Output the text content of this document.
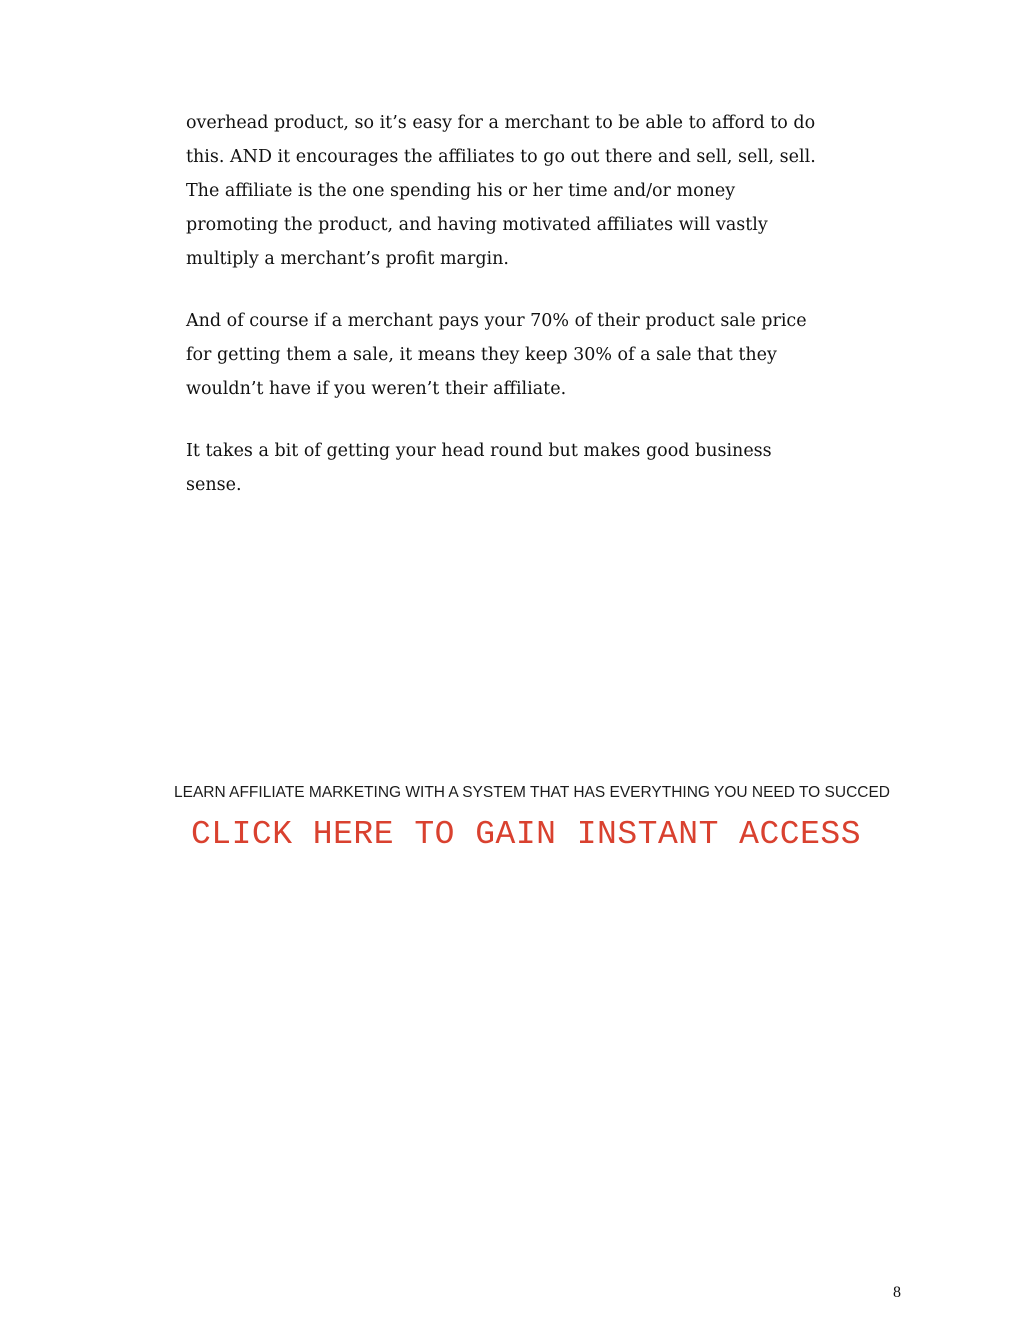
overhead product, so it’s easy for a merchant to be able to afford to do
this. AND it encourages the affiliates to go out there and sell, sell, sell.
The affiliate is the one spending his or her time and/or money
promoting the product, and having motivated affiliates will vastly
multiply a merchant’s profit margin.

And of course if a merchant pays your 70% of their product sale price
for getting them a sale, it means they keep 30% of a sale that they
wouldn’t have if you weren’t their affiliate.

It takes a bit of getting your head round but makes good business
sense.

LEARN AFFILIATE MARKETING WITH A SYSTEM THAT HAS EVERYTHING YOU NEED TO SUCCED
CLICK HERE TO GAIN INSTANT ACCESS
8
